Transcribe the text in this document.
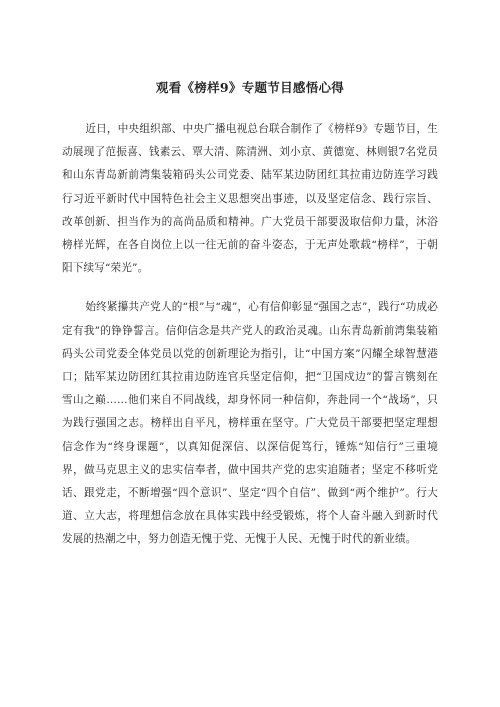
观看《榜样9》专题节目感悟心得

近日，中央组织部、中央广播电视总台联合制作了《榜样9》专题节目，生动展现了范振喜、钱素云、覃大清、陈清洲、刘小京、黄德宽、林则银7名党员和山东青岛新前湾集装箱码头公司党委、陆军某边防团红其拉甫边防连学习践行习近平新时代中国特色社会主义思想突出事迹，以及坚定信念、践行宗旨、改革创新、担当作为的高尚品质和精神。广大党员干部要汲取信仰力量，沐浴榜样光辉，在各自岗位上以一往无前的奋斗姿态，于无声处歌载“榜样”，于朝阳下续写“荣光”。

始终紧攥共产党人的“根”与“魂”，心有信仰彰显“强国之志”，践行“功成必定有我”的铮铮誓言。信仰信念是共产党人的政治灵魂。山东青岛新前湾集装箱码头公司党委全体党员以党的创新理论为指引，让“中国方案”闪耀全球智慧港口；陆军某边防团红其拉甫边防连官兵坚定信仰，把“卫国戍边”的誓言镌刻在雪山之巅……他们来自不同战线，却身怀同一种信仰，奔赴同一个“战场”，只为践行强国之志。榜样出自平凡，榜样重在坚守。广大党员干部要把坚定理想信念作为“终身课题”，以真知促深信、以深信促笃行，锤炼“知信行”三重境界，做马克思主义的忠实信奉者，做中国共产党的忠实追随者；坚定不移听党话、跟党走，不断增强“四个意识”、坚定“四个自信”、做到“两个维护”。行大道、立大志，将理想信念放在具体实践中经受锻炼，将个人奋斗融入到新时代发展的热潮之中，努力创造无愧于党、无愧于人民、无愧于时代的新业绩。
